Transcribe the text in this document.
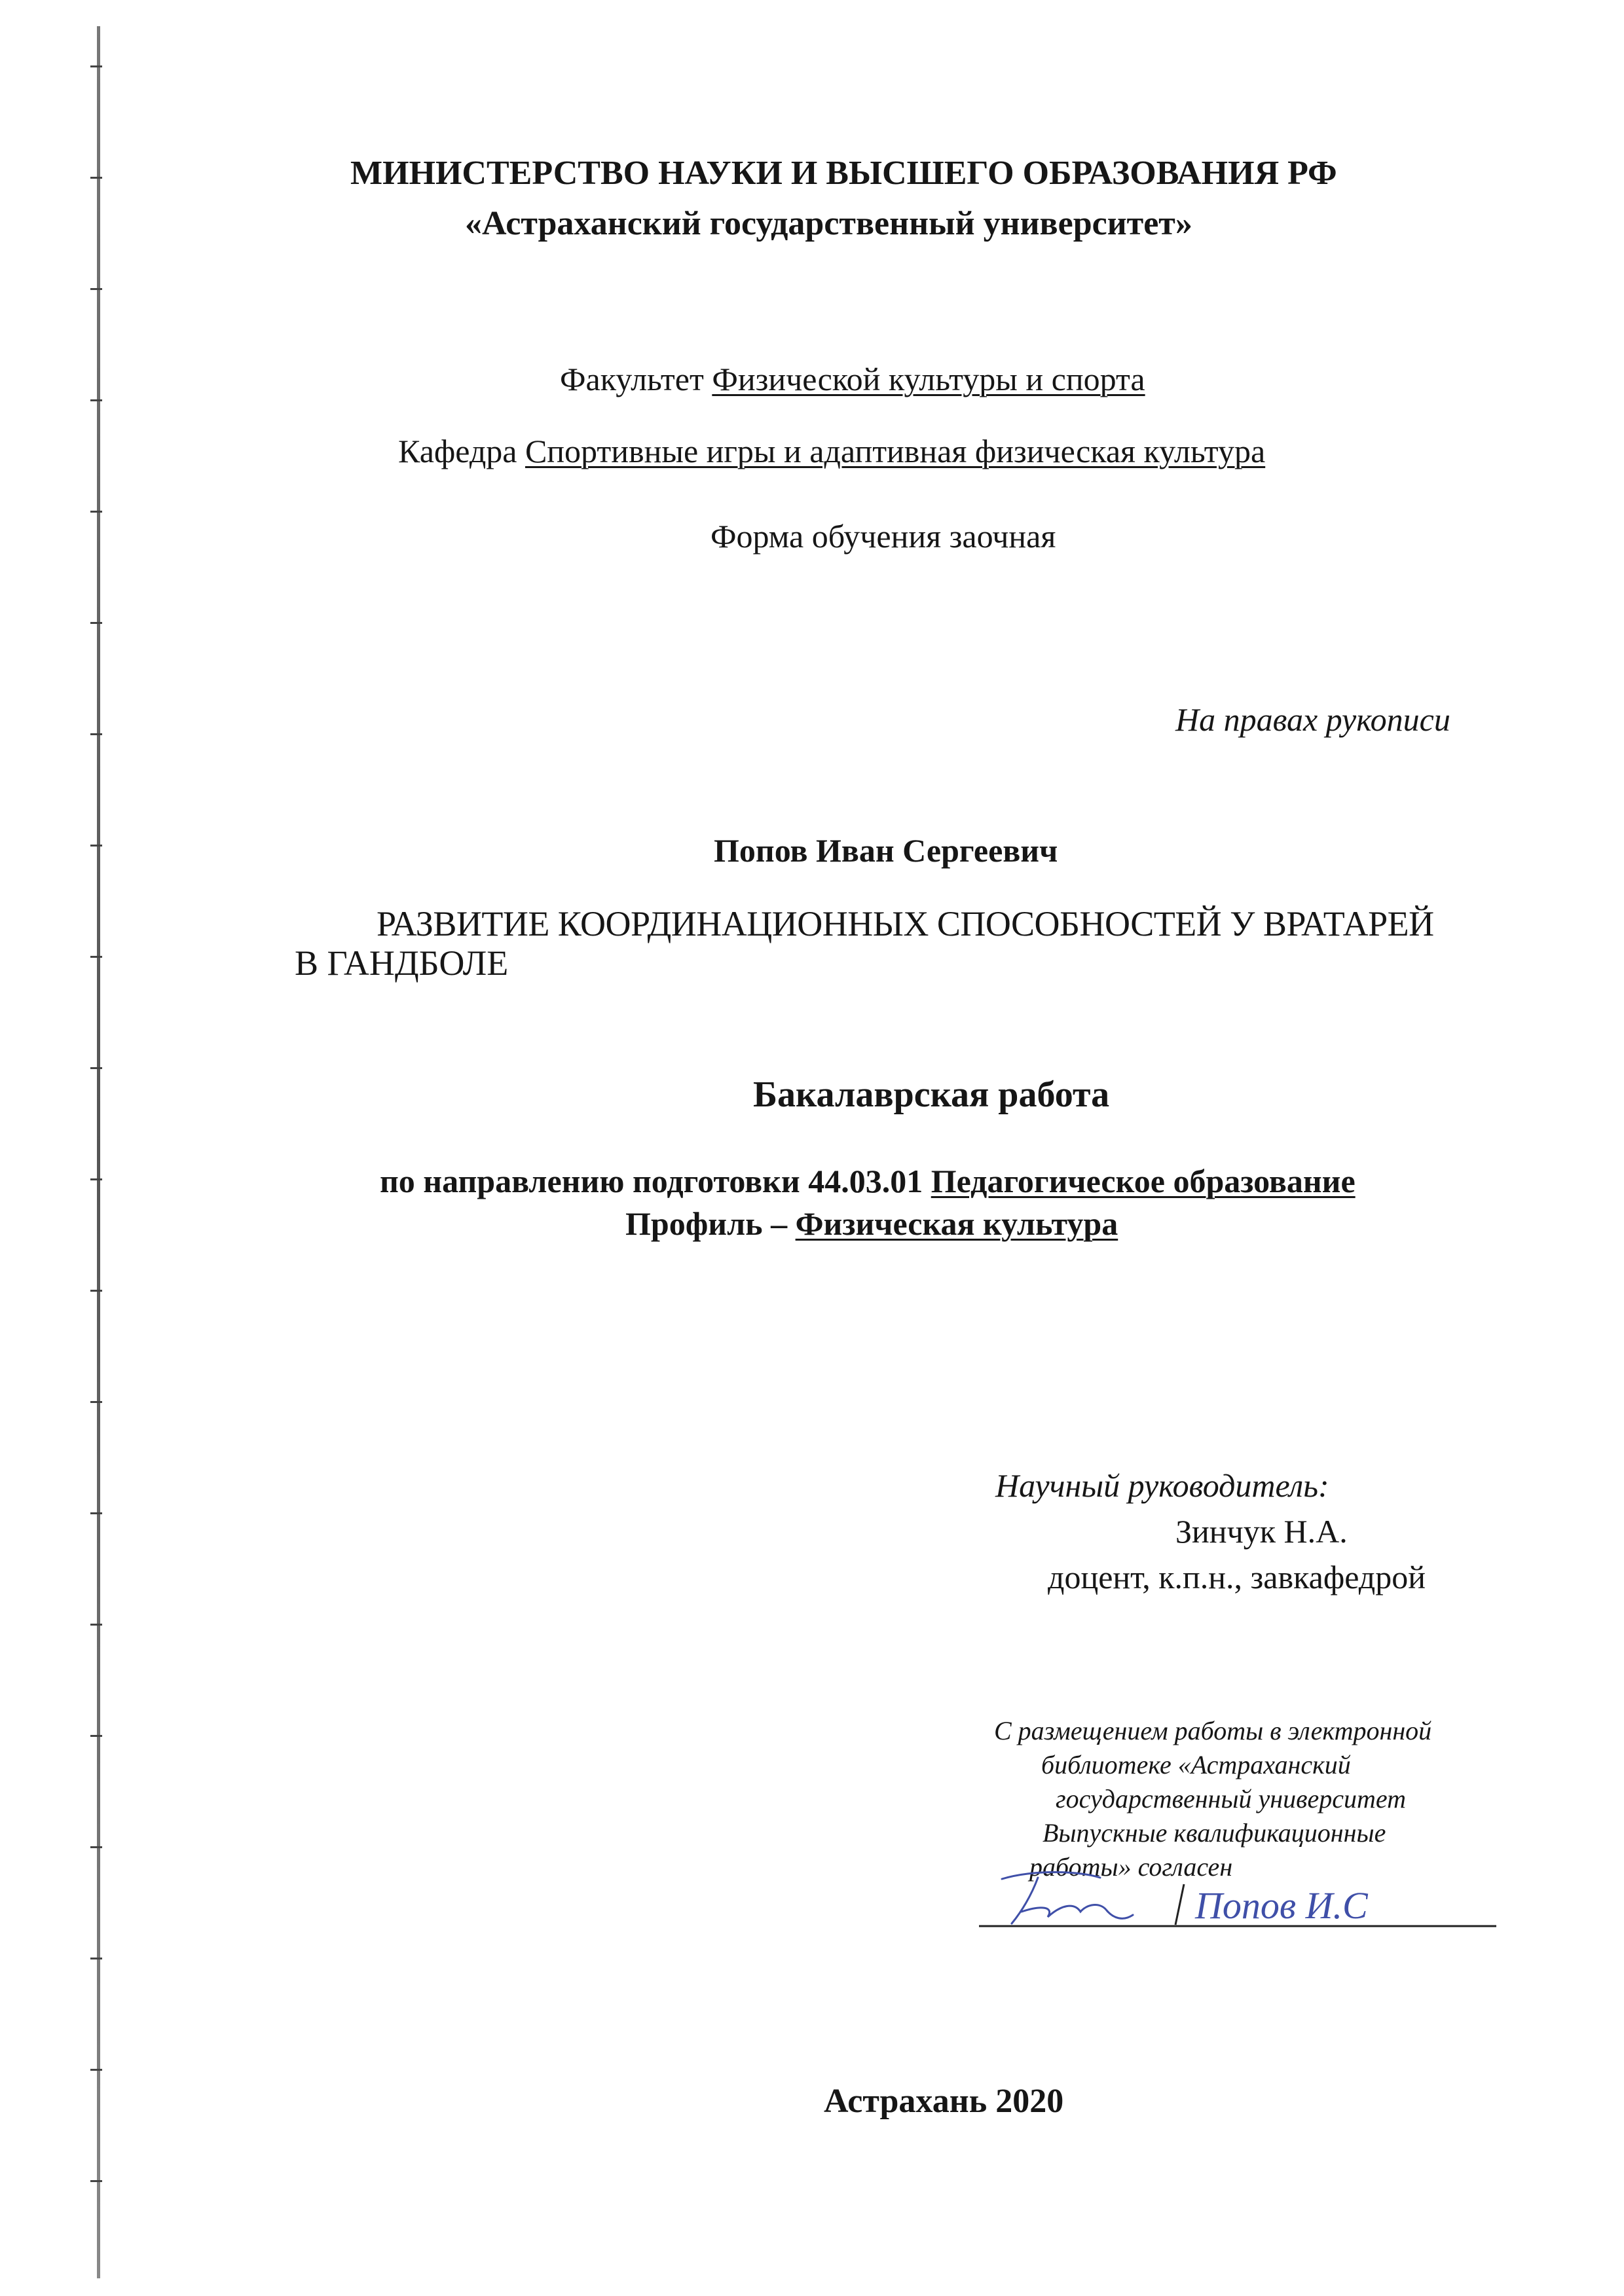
МИНИСТЕРСТВО НАУКИ И ВЫСШЕГО ОБРАЗОВАНИЯ РФ
«Астраханский государственный университет»
Факультет Физической культуры и спорта
Кафедра Спортивные игры и адаптивная физическая культура
Форма обучения заочная
На правах рукописи
Попов Иван Сергеевич
РАЗВИТИЕ КООРДИНАЦИОННЫХ СПОСОБНОСТЕЙ У ВРАТАРЕЙ
В ГАНДБОЛЕ
Бакалаврская работа
по направлению подготовки 44.03.01 Педагогическое образование
Профиль – Физическая культура
Научный руководитель:
Зинчук Н.А.
доцент, к.п.н., завкафедрой
С размещением работы в электронной
библиотеке «Астраханский
государственный университет
Выпускные квалификационные
работы» согласен
Попов И.С
Астрахань 2020
